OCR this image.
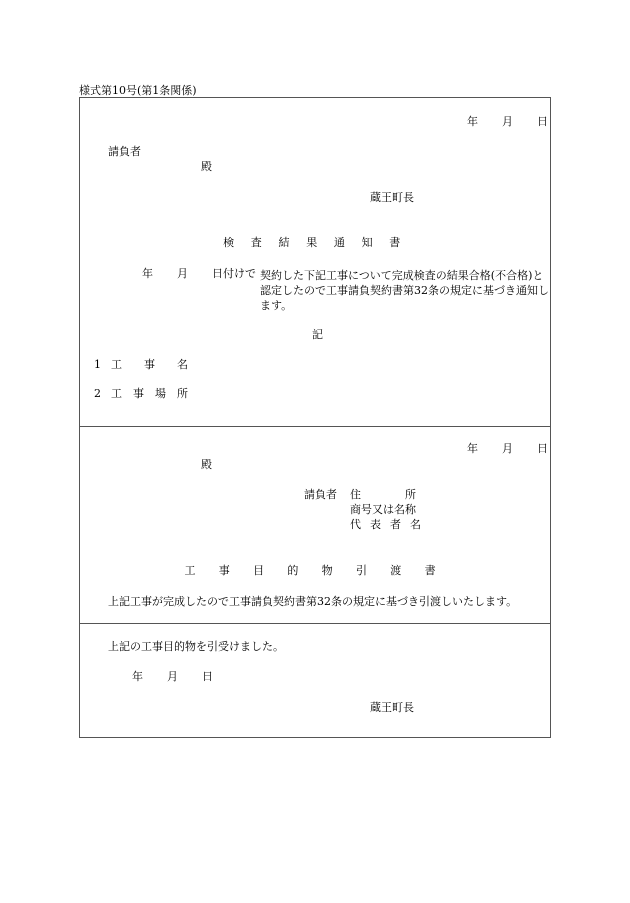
様式第10号(第1条関係)
年 月 日
請負者
殿
蔵王町長
検 査 結 果 通 知 書
年 月 日付けで 契約した下記工事について完成検査の結果合格(不合格)と認定したので工事請負契約書第32条の規定に基づき通知します。
記
1 工　　事　　名
2 工　事　場　所
年 月 日
殿
請負者 住　　　　所
商号又は名称
代 表 者 名
工 事 目 的 物 引 渡 書
上記工事が完成したので工事請負契約書第32条の規定に基づき引渡しいたします。
上記の工事目的物を引受けました。
年 月 日
蔵王町長
